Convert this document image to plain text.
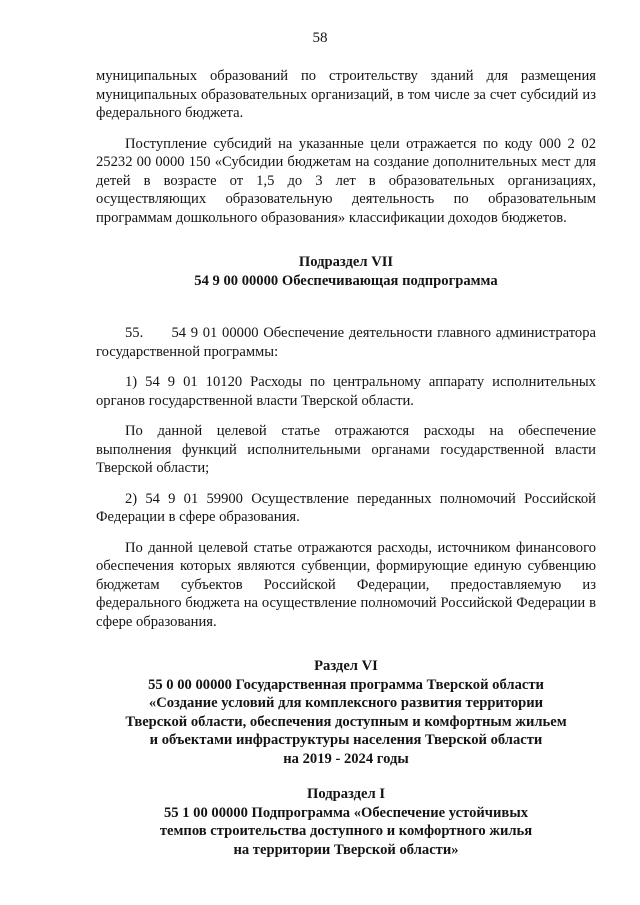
58

муниципальных образований по строительству зданий для размещения муниципальных образовательных организаций, в том числе за счет субсидий из федерального бюджета.

Поступление субсидий на указанные цели отражается по коду 000 2 02 25232 00 0000 150 «Субсидии бюджетам на создание дополнительных мест для детей в возрасте от 1,5 до 3 лет в образовательных организациях, осуществляющих образовательную деятельность по образовательным программам дошкольного образования» классификации доходов бюджетов.

Подраздел VII
54 9 00 00000 Обеспечивающая подпрограмма

55.      54 9 01 00000 Обеспечение деятельности главного администратора государственной программы:

1) 54 9 01 10120 Расходы по центральному аппарату исполнительных органов государственной власти Тверской области.

По данной целевой статье отражаются расходы на обеспечение выполнения функций исполнительными органами государственной власти Тверской области;

2) 54 9 01 59900 Осуществление переданных полномочий Российской Федерации в сфере образования.

По данной целевой статье отражаются расходы, источником финансового обеспечения которых являются субвенции, формирующие единую субвенцию бюджетам субъектов Российской Федерации, предоставляемую из федерального бюджета на осуществление полномочий Российской Федерации в сфере образования.

Раздел VI
55 0 00 00000 Государственная программа Тверской области
«Создание условий для комплексного развития территории
Тверской области, обеспечения доступным и комфортным жильем
и объектами инфраструктуры населения Тверской области
на 2019 - 2024 годы
Подраздел I
55 1 00 00000 Подпрограмма «Обеспечение устойчивых
темпов строительства доступного и комфортного жилья
на территории Тверской области»
